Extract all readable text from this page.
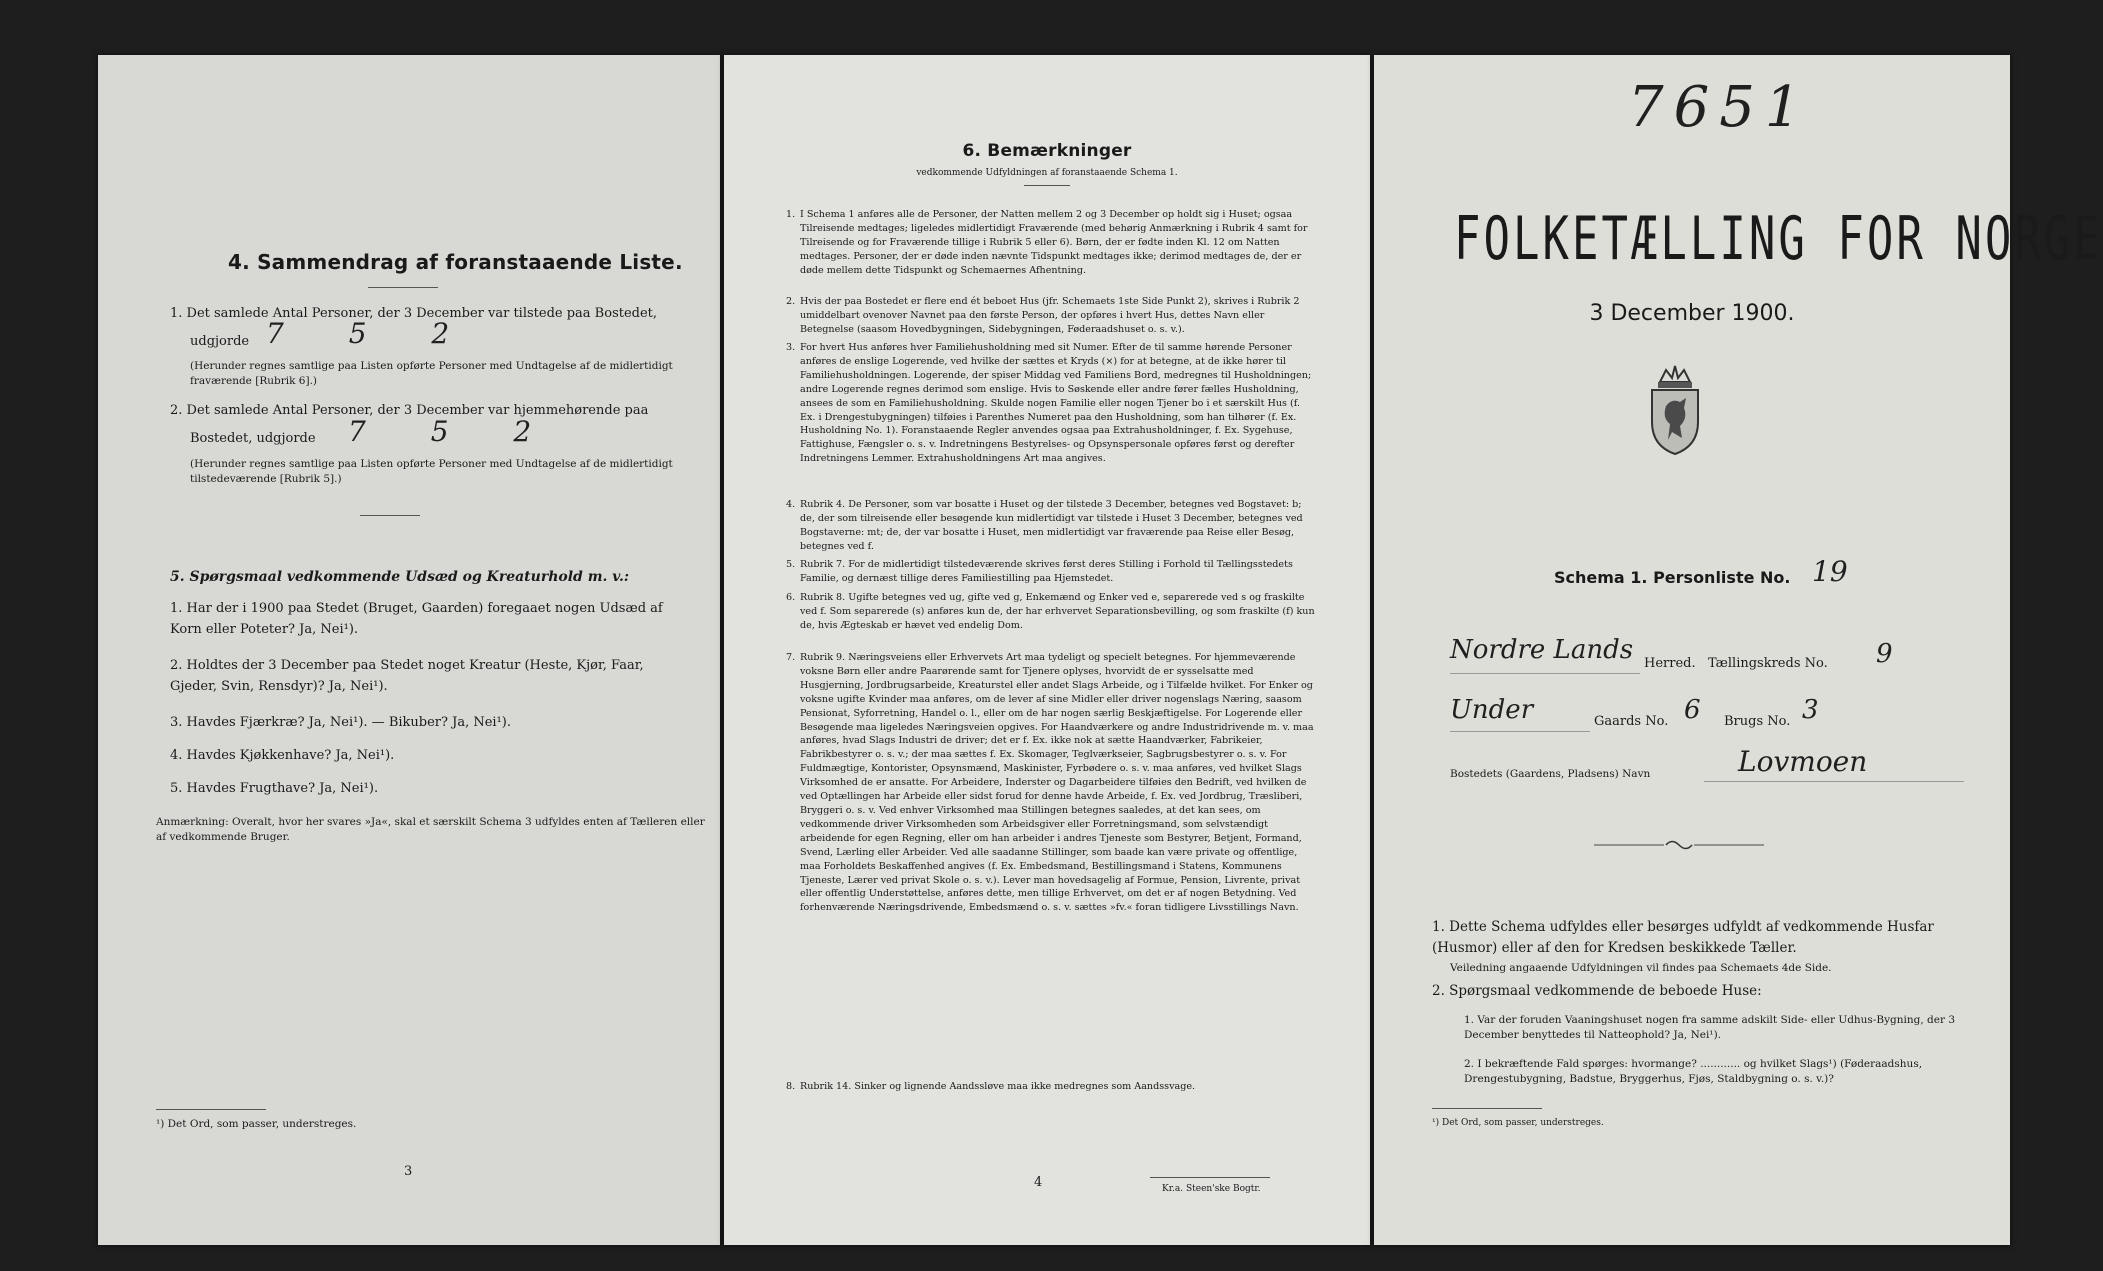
4. Sammendrag af foranstaaende Liste.
1. Det samlede Antal Personer, der 3 December var tilstede paa Bostedet,
udgjorde 7 5 2
(Herunder regnes samtlige paa Listen opførte Personer med Undtagelse af de midlertidigt fraværende [Rubrik 6].)
2. Det samlede Antal Personer, der 3 December var hjemmehørende paa
Bostedet, udgjorde 7 5 2
(Herunder regnes samtlige paa Listen opførte Personer med Undtagelse af de midlertidigt tilstedeværende [Rubrik 5].)
5. Spørgsmaal vedkommende Udsæd og Kreaturhold m. v.:
1. Har der i 1900 paa Stedet (Bruget, Gaarden) foregaaet nogen Udsæd af Korn eller Poteter? Ja, Nei¹).
2. Holdtes der 3 December paa Stedet noget Kreatur (Heste, Kjør, Faar, Gjeder, Svin, Rensdyr)? Ja, Nei¹).
3. Havdes Fjærkræ? Ja, Nei¹). — Bikuber? Ja, Nei¹).
4. Havdes Kjøkkenhave? Ja, Nei¹).
5. Havdes Frugthave? Ja, Nei¹).
Anmærkning: Overalt, hvor her svares »Ja«, skal et særskilt Schema 3 udfyldes enten af Tælleren eller af vedkommende Bruger.
¹) Det Ord, som passer, understreges.
3
6. Bemærkninger
vedkommende Udfyldningen af foranstaaende Schema 1.
1. I Schema 1 anføres alle de Personer, der Natten mellem 2 og 3 December op holdt sig i Huset; ogsaa Tilreisende medtages; ligeledes midlertidigt Fraværende (med behørig Anmærkning i Rubrik 4 samt for Tilreisende og for Fraværende tillige i Rubrik 5 eller 6). Børn, der er fødte inden Kl. 12 om Natten medtages. Personer, der er døde inden nævnte Tidspunkt medtages ikke; derimod medtages de, der er døde mellem dette Tidspunkt og Schemaernes Afhentning.
2. Hvis der paa Bostedet er flere end ét beboet Hus (jfr. Schemaets 1ste Side Punkt 2), skrives i Rubrik 2 umiddelbart ovenover Navnet paa den første Person, der opføres i hvert Hus, dettes Navn eller Betegnelse (saasom Hovedbygningen, Sidebygningen, Føderaadshuset o. s. v.).
3. For hvert Hus anføres hver Familiehusholdning med sit Numer. Efter de til samme hørende Personer anføres de enslige Logerende, ved hvilke der sættes et Kryds (×) for at betegne, at de ikke hører til Familiehusholdningen. Logerende, der spiser Middag ved Familiens Bord, medregnes til Husholdningen; andre Logerende regnes derimod som enslige. Hvis to Søskende eller andre fører fælles Husholdning, ansees de som en Familiehusholdning. Skulde nogen Familie eller nogen Tjener bo i et særskilt Hus (f. Ex. i Drengestubygningen) tilføies i Parenthes Numeret paa den Husholdning, som han tilhører (f. Ex. Husholdning No. 1). Foranstaaende Regler anvendes ogsaa paa Extrahusholdninger, f. Ex. Sygehuse, Fattighuse, Fængsler o. s. v. Indretningens Bestyrelses- og Opsynspersonale opføres først og derefter Indretningens Lemmer. Extrahusholdningens Art maa angives.
4. Rubrik 4. De Personer, som var bosatte i Huset og der tilstede 3 December, betegnes ved Bogstavet: b; de, der som tilreisende eller besøgende kun midlertidigt var tilstede i Huset 3 December, betegnes ved Bogstaverne: mt; de, der var bosatte i Huset, men midlertidigt var fraværende paa Reise eller Besøg, betegnes ved f.
5. Rubrik 7. For de midlertidigt tilstedeværende skrives først deres Stilling i Forhold til Tællingsstedets Familie, og dernæst tillige deres Familiestilling paa Hjemstedet.
6. Rubrik 8. Ugifte betegnes ved ug, gifte ved g, Enkemænd og Enker ved e, separerede ved s og fraskilte ved f. Som separerede (s) anføres kun de, der har erhvervet Separationsbevilling, og som fraskilte (f) kun de, hvis Ægteskab er hævet ved endelig Dom.
7. Rubrik 9. Næringsveiens eller Erhvervets Art maa tydeligt og specielt betegnes. For hjemmeværende voksne Børn eller andre Paarørende samt for Tjenere oplyses, hvorvidt de er sysselsatte med Husgjerning, Jordbrugsarbeide, Kreaturstel eller andet Slags Arbeide, og i Tilfælde hvilket. For Enker og voksne ugifte Kvinder maa anføres, om de lever af sine Midler eller driver nogenslags Næring, saasom Pensionat, Syforretning, Handel o. l., eller om de har nogen særlig Beskjæftigelse. For Logerende eller Besøgende maa ligeledes Næringsveien opgives. For Haandværkere og andre Industridrivende m. v. maa anføres, hvad Slags Industri de driver; det er f. Ex. ikke nok at sætte Haandværker, Fabrikeier, Fabrikbestyrer o. s. v.; der maa sættes f. Ex. Skomager, Teglværkseier, Sagbrugsbestyrer o. s. v. For Fuldmægtige, Kontorister, Opsynsmænd, Maskinister, Fyrbødere o. s. v. maa anføres, ved hvilket Slags Virksomhed de er ansatte. For Arbeidere, Inderster og Dagarbeidere tilføies den Bedrift, ved hvilken de ved Optællingen har Arbeide eller sidst forud for denne havde Arbeide, f. Ex. ved Jordbrug, Træsliberi, Bryggeri o. s. v. Ved enhver Virksomhed maa Stillingen betegnes saaledes, at det kan sees, om vedkommende driver Virksomheden som Arbeidsgiver eller Forretningsmand, som selvstændigt arbeidende for egen Regning, eller om han arbeider i andres Tjeneste som Bestyrer, Betjent, Formand, Svend, Lærling eller Arbeider. Ved alle saadanne Stillinger, som baade kan være private og offentlige, maa Forholdets Beskaffenhed angives (f. Ex. Embedsmand, Bestillingsmand i Statens, Kommunens Tjeneste, Lærer ved privat Skole o. s. v.). Lever man hovedsagelig af Formue, Pension, Livrente, privat eller offentlig Understøttelse, anføres dette, men tillige Erhvervet, om det er af nogen Betydning. Ved forhenværende Næringsdrivende, Embedsmænd o. s. v. sættes »fv.« foran tidligere Livsstillings Navn.
8. Rubrik 14. Sinker og lignende Aandssløve maa ikke medregnes som Aandssvage.
4	Kr.a. Steen'ske Bogtr.
7651
FOLKETÆLLING FOR NORGE
3 December 1900.
Schema 1. Personliste No. 19
Nordre Lands Herred. Tællingskreds No. 9
Under	Gaards No. 6 Brugs No. 3
Bostedets (Gaardens, Pladsens) Navn	Lovmoen
1. Dette Schema udfyldes eller besørges udfyldt af vedkommende Husfar (Husmor) eller af den for Kredsen beskikkede Tæller.
Veiledning angaaende Udfyldningen vil findes paa Schemaets 4de Side.
2. Spørgsmaal vedkommende de beboede Huse:
1. Var der foruden Vaaningshuset nogen fra samme adskilt Side- eller Udhus-Bygning, der 3 December benyttedes til Natteophold? Ja, Nei¹).
2. I bekræftende Fald spørges: hvormange? ............ og hvilket Slags¹) (Føderaadshus, Drengestubygning, Badstue, Bryggerhus, Fjøs, Staldbygning o. s. v.)?
¹) Det Ord, som passer, understreges.
